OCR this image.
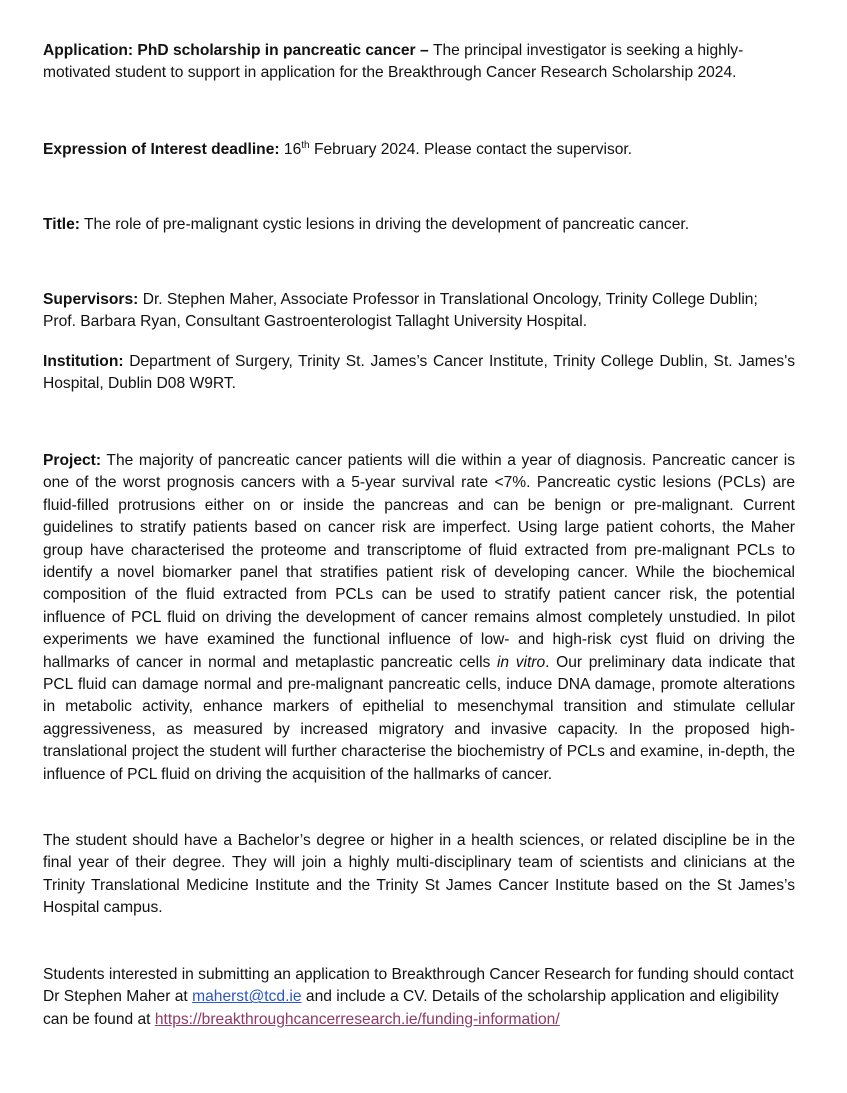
Application: PhD scholarship in pancreatic cancer – The principal investigator is seeking a highly-motivated student to support in application for the Breakthrough Cancer Research Scholarship 2024.

Expression of Interest deadline: 16th February 2024. Please contact the supervisor.

Title: The role of pre-malignant cystic lesions in driving the development of pancreatic cancer.

Supervisors: Dr. Stephen Maher, Associate Professor in Translational Oncology, Trinity College Dublin; Prof. Barbara Ryan, Consultant Gastroenterologist Tallaght University Hospital.

Institution: Department of Surgery, Trinity St. James’s Cancer Institute, Trinity College Dublin, St. James's Hospital, Dublin D08 W9RT.

Project: The majority of pancreatic cancer patients will die within a year of diagnosis. Pancreatic cancer is one of the worst prognosis cancers with a 5-year survival rate <7%. Pancreatic cystic lesions (PCLs) are fluid-filled protrusions either on or inside the pancreas and can be benign or pre-malignant. Current guidelines to stratify patients based on cancer risk are imperfect. Using large patient cohorts, the Maher group have characterised the proteome and transcriptome of fluid extracted from pre-malignant PCLs to identify a novel biomarker panel that stratifies patient risk of developing cancer. While the biochemical composition of the fluid extracted from PCLs can be used to stratify patient cancer risk, the potential influence of PCL fluid on driving the development of cancer remains almost completely unstudied. In pilot experiments we have examined the functional influence of low- and high-risk cyst fluid on driving the hallmarks of cancer in normal and metaplastic pancreatic cells in vitro. Our preliminary data indicate that PCL fluid can damage normal and pre-malignant pancreatic cells, induce DNA damage, promote alterations in metabolic activity, enhance markers of epithelial to mesenchymal transition and stimulate cellular aggressiveness, as measured by increased migratory and invasive capacity. In the proposed high-translational project the student will further characterise the biochemistry of PCLs and examine, in-depth, the influence of PCL fluid on driving the acquisition of the hallmarks of cancer.

The student should have a Bachelor’s degree or higher in a health sciences, or related discipline be in the final year of their degree. They will join a highly multi-disciplinary team of scientists and clinicians at the Trinity Translational Medicine Institute and the Trinity St James Cancer Institute based on the St James’s Hospital campus.

Students interested in submitting an application to Breakthrough Cancer Research for funding should contact Dr Stephen Maher at maherst@tcd.ie and include a CV. Details of the scholarship application and eligibility can be found at https://breakthroughcancerresearch.ie/funding-information/
